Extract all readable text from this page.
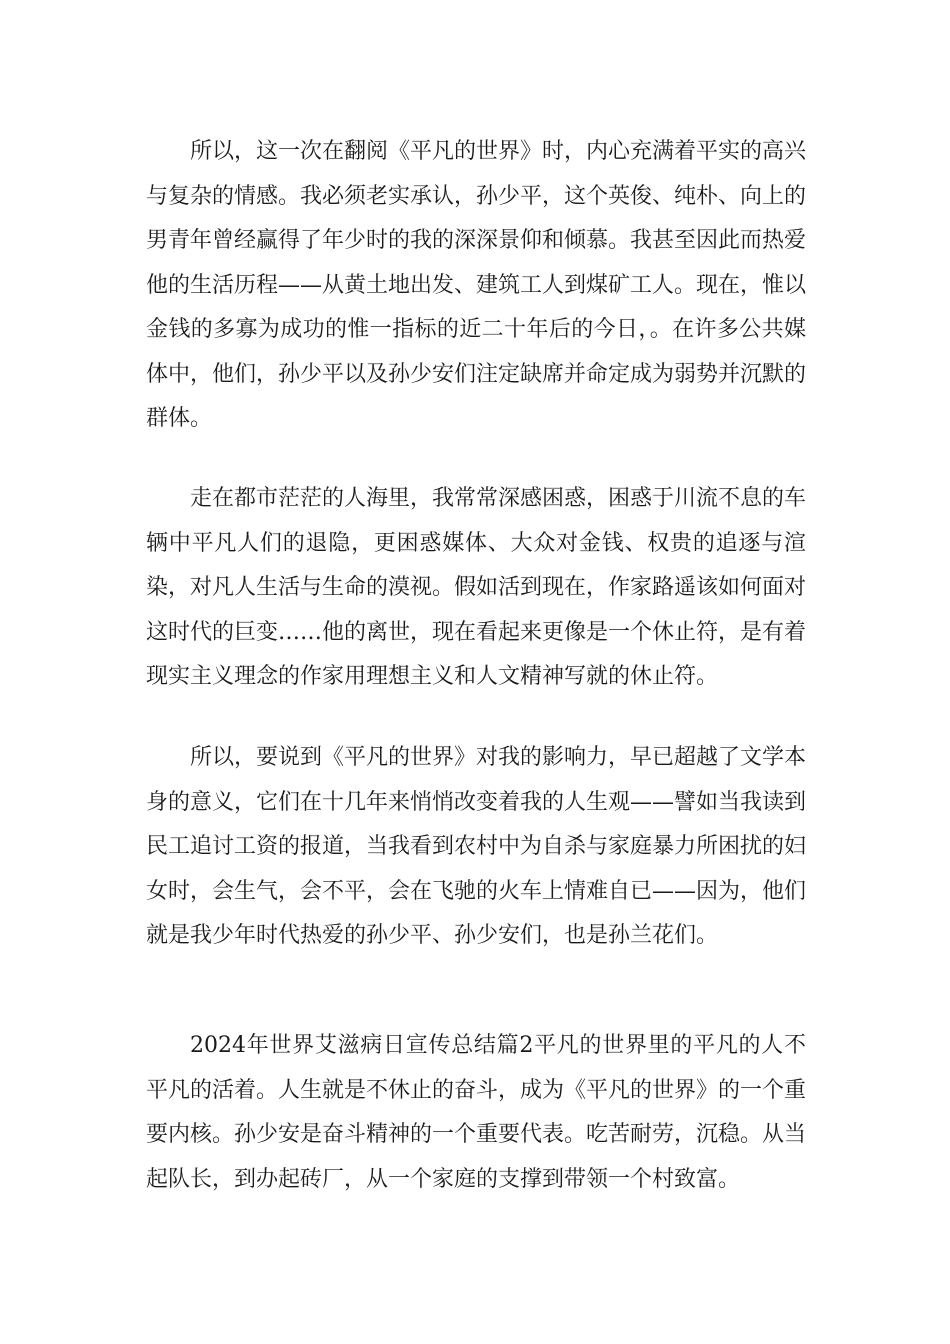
所以，这一次在翻阅《平凡的世界》时，内心充满着平实的高兴与复杂的情感。我必须老实承认，孙少平，这个英俊、纯朴、向上的男青年曾经赢得了年少时的我的深深景仰和倾慕。我甚至因此而热爱他的生活历程——从黄土地出发、建筑工人到煤矿工人。现在，惟以金钱的多寡为成功的惟一指标的近二十年后的今日，。在许多公共媒体中，他们，孙少平以及孙少安们注定缺席并命定成为弱势并沉默的群体。

走在都市茫茫的人海里，我常常深感困惑，困惑于川流不息的车辆中平凡人们的退隐，更困惑媒体、大众对金钱、权贵的追逐与渲染，对凡人生活与生命的漠视。假如活到现在，作家路遥该如何面对这时代的巨变……他的离世，现在看起来更像是一个休止符，是有着现实主义理念的作家用理想主义和人文精神写就的休止符。

所以，要说到《平凡的世界》对我的影响力，早已超越了文学本身的意义，它们在十几年来悄悄改变着我的人生观——譬如当我读到民工追讨工资的报道，当我看到农村中为自杀与家庭暴力所困扰的妇女时，会生气，会不平，会在飞驰的火车上情难自已——因为，他们就是我少年时代热爱的孙少平、孙少安们，也是孙兰花们。

2024年世界艾滋病日宣传总结篇2平凡的世界里的平凡的人不平凡的活着。人生就是不休止的奋斗，成为《平凡的世界》的一个重要内核。孙少安是奋斗精神的一个重要代表。吃苦耐劳，沉稳。从当起队长，到办起砖厂，从一个家庭的支撑到带领一个村致富。
